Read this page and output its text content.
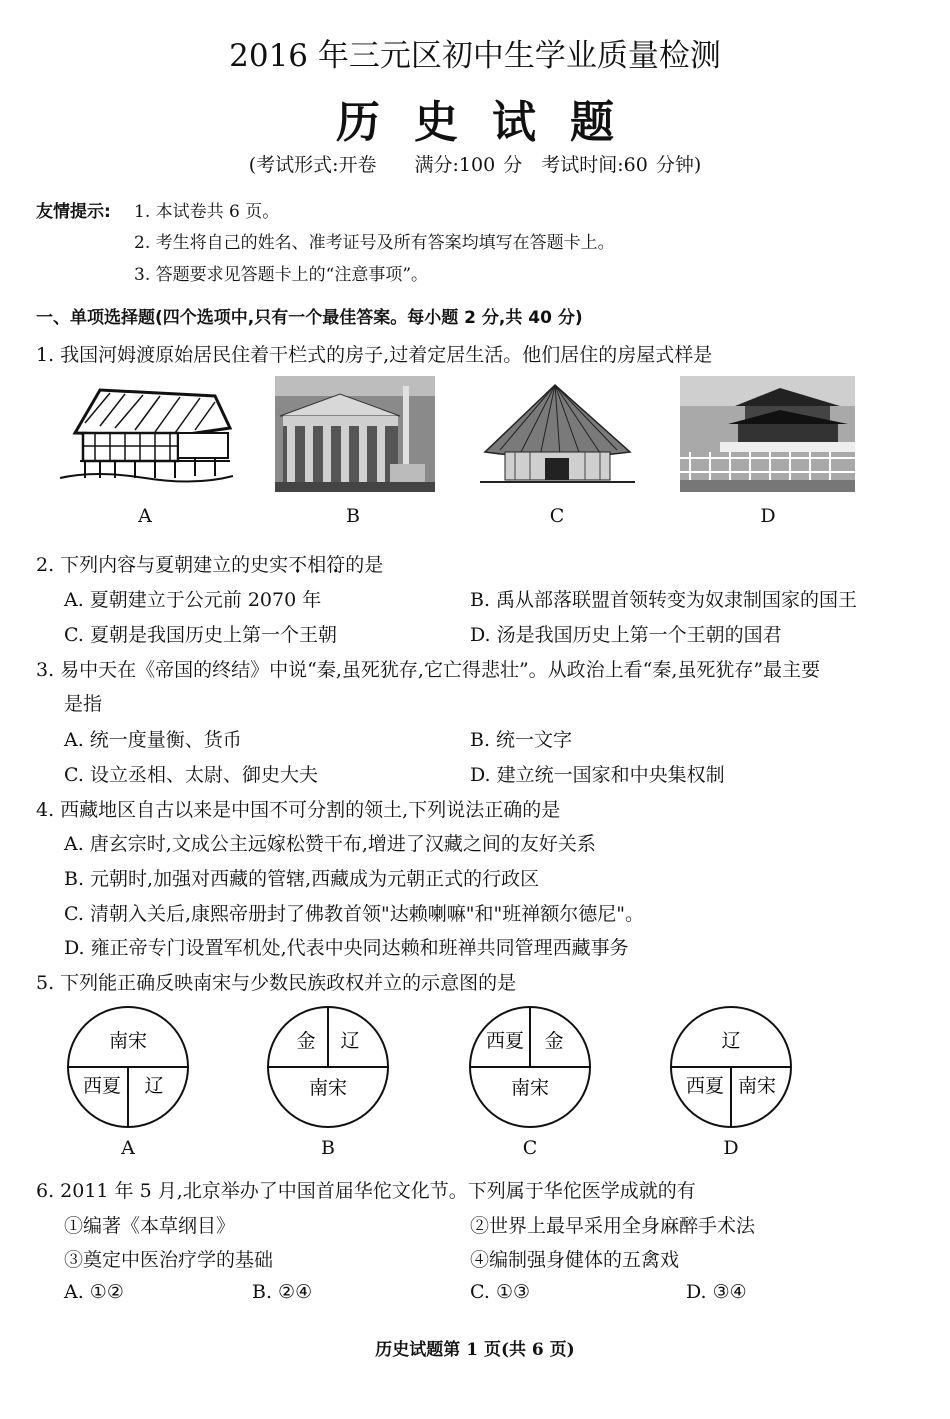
2016 年三元区初中生学业质量检测
历史试题
(考试形式:开卷　　满分:100 分　考试时间:60 分钟)
友情提示: 1. 本试卷共 6 页。
2. 考生将自己的姓名、准考证号及所有答案均填写在答题卡上。
3. 答题要求见答题卡上的“注意事项”。
一、单项选择题(四个选项中,只有一个最佳答案。每小题 2 分,共 40 分)
1. 我国河姆渡原始居民住着干栏式的房子,过着定居生活。他们居住的房屋式样是
A	B	C	D
2. 下列内容与夏朝建立的史实不相符的是
A. 夏朝建立于公元前 2070 年	B. 禹从部落联盟首领转变为奴隶制国家的国王
C. 夏朝是我国历史上第一个王朝	D. 汤是我国历史上第一个王朝的国君
3. 易中天在《帝国的终结》中说“秦,虽死犹存,它亡得悲壮”。从政治上看“秦,虽死犹存”最主要
是指
A. 统一度量衡、货币	B. 统一文字
C. 设立丞相、太尉、御史大夫	D. 建立统一国家和中央集权制
4. 西藏地区自古以来是中国不可分割的领土,下列说法正确的是
A. 唐玄宗时,文成公主远嫁松赞干布,增进了汉藏之间的友好关系
B. 元朝时,加强对西藏的管辖,西藏成为元朝正式的行政区
C. 清朝入关后,康熙帝册封了佛教首领"达赖喇嘛"和"班禅额尔德尼"。
D. 雍正帝专门设置军机处,代表中央同达赖和班禅共同管理西藏事务
5. 下列能正确反映南宋与少数民族政权并立的示意图的是
南宋
西夏 辽
金 辽
南宋
西夏 金
南宋
辽
西夏 南宋
A	B	C	D
6. 2011 年 5 月,北京举办了中国首届华佗文化节。下列属于华佗医学成就的有
①编著《本草纲目》	②世界上最早采用全身麻醉手术法
③奠定中医治疗学的基础	④编制强身健体的五禽戏
A. ①②	B. ②④	C. ①③	D. ③④
历史试题第 1 页(共 6 页)
